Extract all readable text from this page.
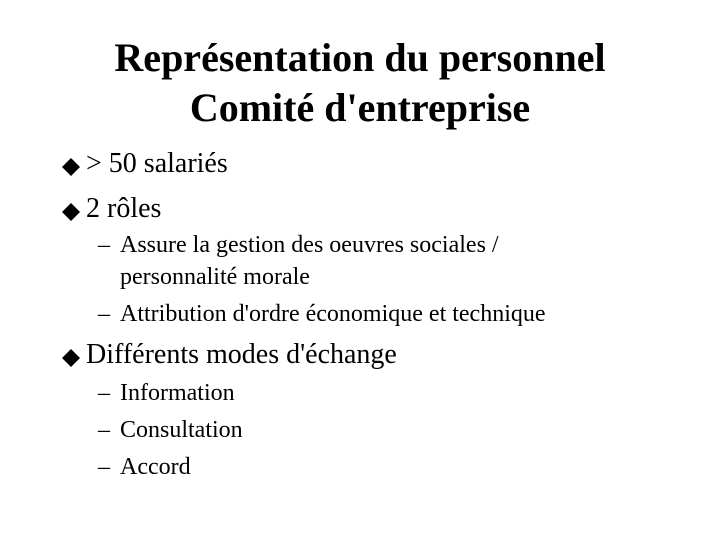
Représentation du personnel
Comité d'entreprise
> 50 salariés
2 rôles
– Assure la gestion des oeuvres sociales /
personnalité morale
– Attribution d'ordre économique et technique
Différents modes d'échange
– Information
– Consultation
– Accord
